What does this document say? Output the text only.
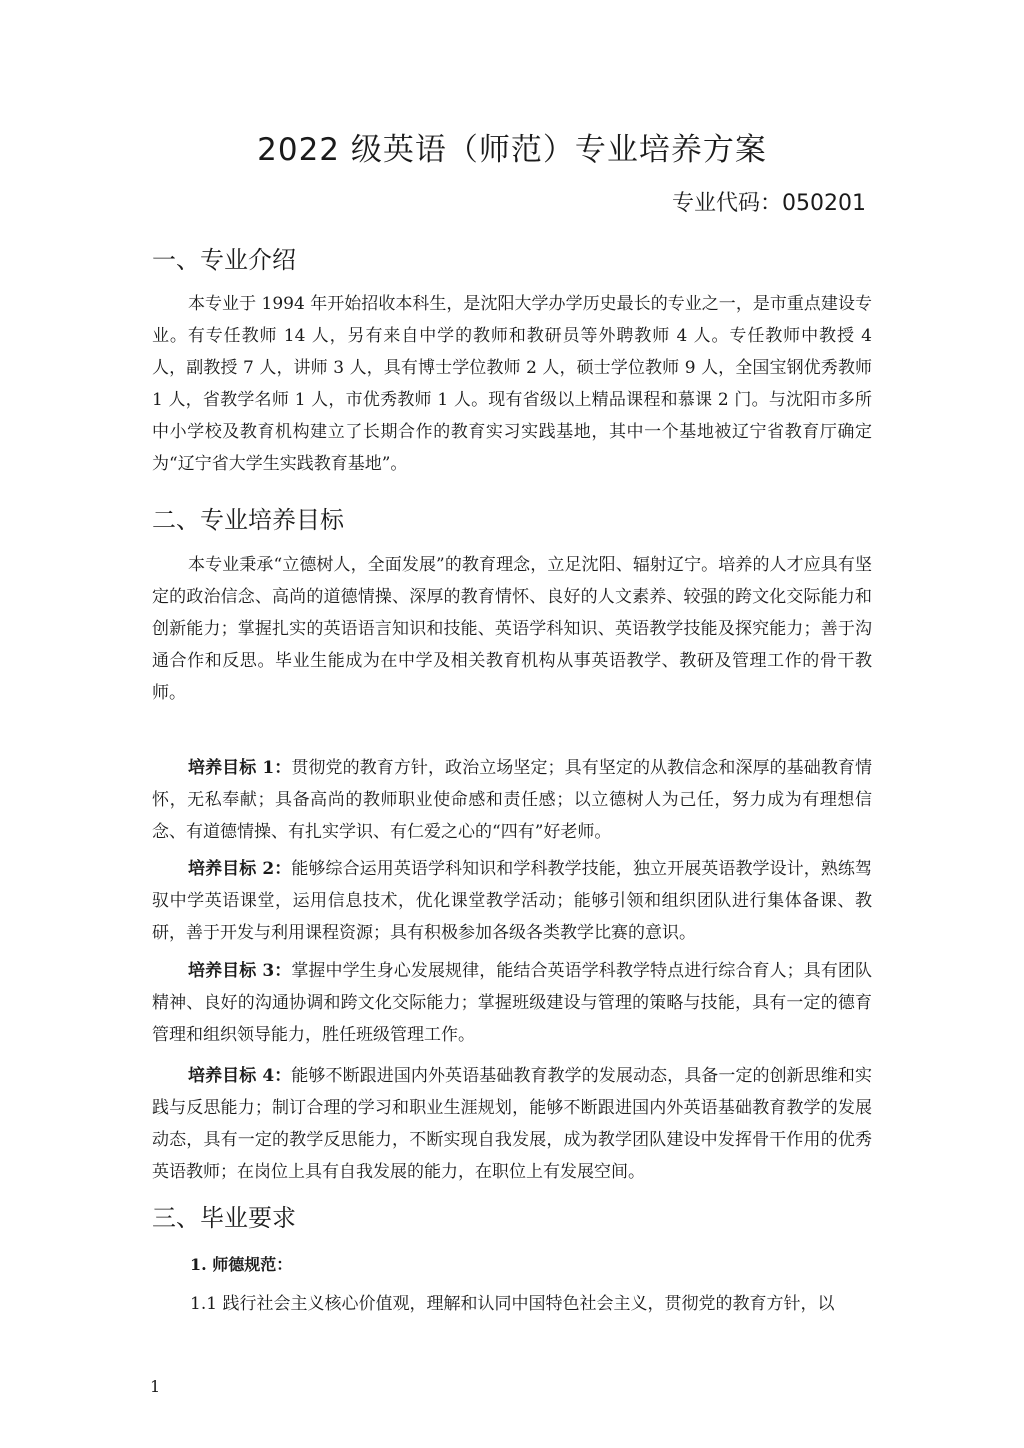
2022 级英语（师范）专业培养方案
专业代码：050201
一、专业介绍

本专业于 1994 年开始招收本科生，是沈阳大学办学历史最长的专业之一，是市重点建设专业。有专任教师 14 人，另有来自中学的教师和教研员等外聘教师 4 人。专任教师中教授 4 人，副教授 7 人，讲师 3 人，具有博士学位教师 2 人，硕士学位教师 9 人，全国宝钢优秀教师 1 人，省教学名师 1 人，市优秀教师 1 人。现有省级以上精品课程和慕课 2 门。与沈阳市多所中小学校及教育机构建立了长期合作的教育实习实践基地，其中一个基地被辽宁省教育厅确定为“辽宁省大学生实践教育基地”。

二、专业培养目标

本专业秉承“立德树人，全面发展”的教育理念，立足沈阳、辐射辽宁。培养的人才应具有坚定的政治信念、高尚的道德情操、深厚的教育情怀、良好的人文素养、较强的跨文化交际能力和创新能力；掌握扎实的英语语言知识和技能、英语学科知识、英语教学技能及探究能力；善于沟通合作和反思。毕业生能成为在中学及相关教育机构从事英语教学、教研及管理工作的骨干教师。

培养目标 1：贯彻党的教育方针，政治立场坚定；具有坚定的从教信念和深厚的基础教育情怀，无私奉献；具备高尚的教师职业使命感和责任感；以立德树人为己任，努力成为有理想信念、有道德情操、有扎实学识、有仁爱之心的“四有”好老师。

培养目标 2：能够综合运用英语学科知识和学科教学技能，独立开展英语教学设计，熟练驾驭中学英语课堂，运用信息技术，优化课堂教学活动；能够引领和组织团队进行集体备课、教研，善于开发与利用课程资源；具有积极参加各级各类教学比赛的意识。

培养目标 3：掌握中学生身心发展规律，能结合英语学科教学特点进行综合育人；具有团队精神、良好的沟通协调和跨文化交际能力；掌握班级建设与管理的策略与技能，具有一定的德育管理和组织领导能力，胜任班级管理工作。

培养目标 4：能够不断跟进国内外英语基础教育教学的发展动态，具备一定的创新思维和实践与反思能力；制订合理的学习和职业生涯规划，能够不断跟进国内外英语基础教育教学的发展动态，具有一定的教学反思能力，不断实现自我发展，成为教学团队建设中发挥骨干作用的优秀英语教师；在岗位上具有自我发展的能力，在职位上有发展空间。

三、毕业要求
1. 师德规范：

1.1 践行社会主义核心价值观，理解和认同中国特色社会主义，贯彻党的教育方针，以

1
